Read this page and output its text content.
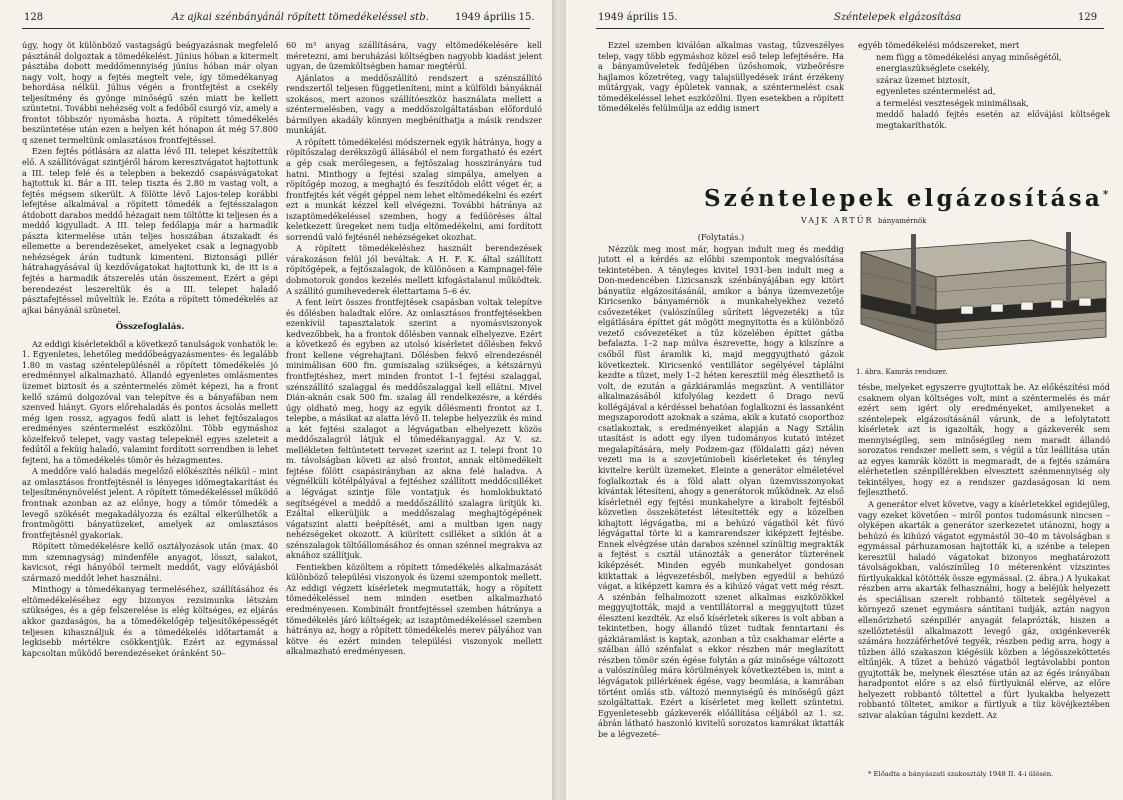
128	Az ajkai szénbányánál röpített tömedékeléssel stb.	1949 április 15.

úgy, hogy öt különböző vastagságú beágyazásnak megfelelő pásztánál dolgoztak a tömedékelést. Június hóban a kitermelt pásztába dobott meddőmennyiség június hóban már olyan nagy volt, hogy a fejtés megtelt vele, így tömedékanyag behordása nélkül. Július végén a frontfejtést a csekély teljesítmény és gyönge minőségű szén miatt be kellett szüntetni. További nehézség volt a fedőből csurgó víz, amely a frontot többször nyomásba hozta. A röpített tömedékelés beszüntetése után ezen a helyen két hónapon át még 57.800 q szenet termeltünk omlasztásos frontfejtéssel.

Ezen fejtés pótlására az alatta lévő III. telepet készítettük elő. A szállítóvágat szintjéről három keresztvágatot hajtottunk a III. telep felé és a telepben a bekezdő csapásvágatokat hajtottuk ki. Bár a III. telep tiszta és 2.80 m vastag volt, a fejtés mégsem sikerült. A fölötte lévő Lajos-telep korábbi lefejtése alkalmával a röpített tömedék a fejtésszalagon átdobott darabos meddő hézagait nem töltötte ki teljesen és a meddő kigyulladt. A III. telep fedőlapja már a harmadik pászta kitermelése után teljes hosszában átszakadt és ellemette a berendezéseket, amelyeket csak a legnagyobb nehézségek árán tudtunk kimenteni. Biztonsági pillér hátrahagyásával új kezdővágatokat hajtottunk ki, de itt is a fejtés a harmadik átszerelés után összement. Ezért a gépi berendezést leszereltük és a III. telepet haladó pásztafejtéssel műveltük le. Ezóta a röpített tömedékelés az ajkai bányánál szünetel.

Összefoglalás.

Az eddigi kísérletekből a következő tanulságok vonhatók le: 1. Egyenletes, lehetőleg meddőbeágyazásmentes- és legalább 1.80 m vastag széntelepülésnél a röpített tömedékelés jó eredménnyel alkalmazható. Állandó egyenletes omlásmentes üzemet biztosít és a széntermelés zömét képezi, ha a front kellő számú dolgozóval van telepítve és a bányafában nem szenved hiányt. Gyors előrehaladás és pontos ácsolás mellett még igen rossz, agyagos fedű alatt is lehet fejtőszalagos eredményes széntermelést eszközölni. Több egymáshoz közelfekvő telepet, vagy vastag telepeknél egyes szeleteit a fedűtől a feküig haladó, valamint fordított sorrendben is lehet fejteni, ha a tömedékelés tömör és hézagmentes.

A meddőre való haladás megelőző előkészítés nélkül – mint az omlasztásos frontfejtésnél is lényeges időmegtakarítást és teljesítménynövelést jelent. A röpített tömedékeléssel működő frontnak azonban az az előnye, hogy a tömör tömedék a levegő szökését megakadályozza és ezáltal elkerülhetők a frontmögötti bányatüzeket, amelyek az omlasztásos frontfejtésnél gyakoriak.

Röpített tömedékelésre kellő osztályozások után (max. 40 mm szemnagyság) mindenféle anyagot, lösszt, salakot, kavicsot, régi hányóból termelt meddőt, vagy elővájásból származó meddőt lehet használni.

Minthogy a tömedékanyag termeléséhez, szállításához és eltömedékeléséhez egy bizonyos rezsimunka létszám szükséges, és a gép felszerelése is elég költséges, ez eljárás akkor gazdaságos, ha a tömedékelőgép teljesítőképességét teljesen kihasználjuk és a tömedékelés időtartamát a legkisebb mértékre csökkentjük. Ezért az egymással kapcsoltan működő berendezéseket óránként 50–

60 m³ anyag szállítására, vagy eltömedékelésére kell méretezni, ami beruházási költségben nagyobb kiadást jelent ugyan, de üzemköltségben hamar megtérül.

Ajánlatos a meddőszállító rendszert a szénszállító rendszertől teljesen függetleníteni, mint a külföldi bányáknál szokásos, mert azonos szállítóeszköz használata mellett a széntermelésben, vagy a meddőszolgáltatásban előforduló bármilyen akadály könnyen megbéníthatja a másik rendszer munkáját.

A röpített tömedékelési módszernek egyik hátránya, hogy a röpítőszalag derékszögű állásából el nem forgatható és ezért a gép csak merőlegesen, a fejtőszalag hosszirányára tud hatni. Minthogy a fejtési szalag simpálya, amelyen a röpítőgép mozog, a meghajtó és feszítődob előtt véget ér, a frontfejtés két végét géppel nem lehet eltömedékelni és ezért ezt a munkát kézzel kell elvégezni. További hátránya az iszaptömedékeléssel szemben, hogy a fedűöréses által keletkezett üregeket nem tudja eltömedékelni, ami fordított sorrendű való fejtésnél nehézségeket okozhat.

A röpített tömedékeléshez használt berendezések várakozáson felül jól beváltak. A H. F. K. által szállított röpítőgépek, a fejtőszalagok, de különösen a Kampnagel-féle dobmotorok gondos kezelés mellett kifogástalanul működtek. A szállító gumihevederek élettartama 5–6 év.

A fent leírt összes frontfejtések csapásban voltak telepítve és dőlésben haladtak előre. Az omlasztásos frontfejtésekben ezenkívül tapasztalatok szerint a nyomásviszonyok kedvezőbbek, ha a frontok dőlésben vannak elhelyezve. Ezért a következő és egyben az utolsó kísérletet dőlésben fekvő front kellene végrehajtani. Dőlésben fekvő elrendezésnél minimálisan 600 fm. gumiszalag szükséges, a kétszárnyú frontfejtéshez, mert minden frontot 1–1 fejtési szalaggal, szénszállító szalaggal és meddőszalaggal kell ellátni. Mivel Dián-aknán csak 500 fm. szalag áll rendelkezésre, a kérdés úgy oldható meg, hogy az egyik dőlésmenti frontot az I. telepbe, a másikat az alatta lévő II. telepbe helyezzük és mind a két fejtési szalagot a légvágatban elhelyezett közös meddőszalagról látjuk el tömedékanyaggal. Az V. sz. mellékleten feltüntetett tervezet szerint az I. telepi front 10 m. távolságban követi az alsó frontot, annak eltömedékelt fejtése fölött csapásirányban az akna felé haladva. A végnélküli kötélpályával a fejtéshez szállított meddőcsilléket a légvágat szintje föle vontatjuk és homlokbuktató segítségével a meddő a meddőszállító szalagra ürítjük ki. Ezáltal elkerüljük a meddőszalag meghajtógépének vágatszint alatti beépítését, ami a multban igen nagy nehézségeket okozott. A kiürített csilléket a siklón át a szénszalagok töltőállomásához és onnan szénnel megrakva az aknához szállítjuk.

Fentiekben közöltem a röpített tömedékelés alkalmazását különböző települési viszonyok és üzemi szempontok mellett. Az eddigi végzett kísérletek megmutatták, hogy a röpített tömedékeléssel nem minden esetben alkalmazható eredményesen. Kombinált frontfejtéssel szemben hátránya a tömedékelés járó költségek; az iszaptömedékeléssel szemben hátránya az, hogy a röpített tömedékelés merev pályához van kötve és ezért minden települési viszonyok mellett alkalmazható eredményesen.

1949 április 15.	Széntelepek elgázosítása	129

Ezzel szemben kiválóan alkalmas vastag, tűzveszélyes telep, vagy több egymáshoz közel eső telep lefejtésére. Ha a bányaműveletek fedűjében üzőshomok, vizbeörésre hajlamos kőzetréteg, vagy talajsüllyedések iránt érzékeny műtárgyak, vagy épületek vannak, a széntermelést csak tömedékeléssel lehet eszközölni. Ilyen esetekben a röpített tömedékelés felülmúlja az eddig ismert

egyéb tömedékelési módszereket, mert

nem függ a tömedékelési anyag minőségétől,

energiaszükséglete csekély,

száraz üzemet biztosít,

egyenletes széntermelést ad,

a termelési veszteségek minimálisak,

meddő haladó fejtés esetén az elővájási költségek megtakaríthatók.

Széntelepek elgázosítása*
VAJK ARTÚR bányamérnök

(Folytatás.)

Nézzük meg most már, hogyan indult meg és meddig jutott el a kérdés az előbbi szempontok megvalósítása tekintetében. A tényleges kivitel 1931-ben indult meg a Don-medencében Lizicsanszk szénbányájában egy kitört bányatüz elgázosításánál, amikor a bánya üzemvezetője Kiricsenko bányamérnök a munkahelyekhez vezető csővezetéket (valószínűleg sűrített légvezeték) a tűz elgátlására építtet gát mögött megnyitotta és a különböző vezető csővezetéket a tűz közelében építtet gátba befalazta. 1–2 nap múlva észrevette, hogy a kilszínre a csőből füst áramlik ki, majd meggyujtható gázok következtek. Kiricsenkó ventillátor segélyével táplálni kezdte a tüzet, mely 1–2 héten keresztül még éleszthető is volt, de ezután a gázkiáramlás megszünt. A ventillátor alkalmazásából kifolyólag kezdett ő Drago nevű kollégájával a kérdéssel behatóan foglalkozni és lassanként megszaporodott azoknak a száma, akik a kutató csoporthoz csatlakoztak, s eredményeiket alapján a Nagy Sztálin utasítást is adott egy ilyen tudományos kutató intézet megalapítására, mely Podzem-gaz (földalatti gáz) néven vezeti ma is a szovjetúniobeli kísérleteket és tényleg kivitelre került üzemeket. Eleinte a generátor elméletével foglalkoztak és a föld alatt olyan üzemvisszonyokat kívántak létesíteni, ahogy a generátorok működnek. Az első kísérletnél egy fejtési munkahelyre a kirabolt fejtésből közvetlen összekötetést létesítették egy a közelben kihajtott légvágatba, mi a behúzó vágatból két fúvó légvágattal törte ki a kamrarendszer kiképzett fejtésbe. Ennek elvégzése után darabos szénnel színültig megrakták a fejtést s csztál utánozták a generátor tüzterének kiképzését. Minden egyéb munkahelyet gondosan kiiktattak a légvezetésből, melyben egyedül a behúzó vágat, a kiképzett kamra és a kihúzó vágat vett még részt. A szénbán felhalmozott szenet alkalmas eszközökkel meggyujtották, majd a ventillátorral a meggyujtott tüzet éleszteni kezdték. Az első kísérletek sikeres is volt abban a tekintetben, hogy állandó tüzet tudtak fenntartani és gázkiáramlást is kaptak, azonban a tűz csakhamar elérte a szálban álló szénfalat s ekkor részben már meglazított részben tömör szén égése folytán a gáz minősége változott a valószínűleg mára körülmények következtében is, mint a légvágatok pillérkének égése, vagy beomlása, a kamrában történt omlás stb. változó mennyiségű és minőségű gázt szolgáltattak. Ezért a kísérletet meg kellett szüntetni. Egyenletesebb gázkeverék előállítása céljából az 1. sz. ábrán látható haszonló kivitelű sorozatos kamrákat iktatták be a légvezeté-

1. ábra. Kamrás rendszer.

tésbe, melyeket egyszerre gyujtottak be. Az előkészítési mód csaknem olyan költséges volt, mint a széntermelés és már ezért sem igért oly eredményeket, amilyeneket a széntelepek elgázosításánál várunk, de a lefolytatott kísérletek azt is igazolták, hogy a gázkeverék sem mennyiségileg, sem minőségileg nem maradt állandó sorozatos rendszer mellett sem, s végül a tűz leállításа után az egyes kamrák között is megmaradt, de a fejtés számára elérhetetlen szénpillérekben elvesztett szénmennyiség oly tekintélyes, hogy ez a rendszer gazdaságosan ki nem fejleszthető.

A generátor elvet követve, vagy a kísérletekkel egidejűleg, vagy ezeket követően – miről pontos tudomásunk nincsen – olyképen akarták a generátor szerkezetet utánozni, hogy a behúzó és kihúzó vágatot egymástól 30–40 m távolságban s egymással párhuzamosan hajtották ki, a szénbe a telepen keresztül haladó vágatokat bizonyos meghatározott távolságokban, valószínűleg 10 méterenként vízszintes fúrtlyukakkal kötötték össze egymással. (2. ábra.) A lyukakat részben arra akarták felhasználni, hogy a beléjük helyezett és speciálisan szerelt robbantó töltetek segélyével a környező szenet egymásra sántítani tudják, aztán nagyon ellenőrizhető szénpillér anyagát felaprózták, hiszen a szellőztetésül alkalmazott levegő gáz, oxigénkeverék számára hozzáférhetővé tegyék, részben pedig arra, hogy a tűzben álló szakaszon kiégésük közben a légösszeköttetés eltűnjék. A tűzet a behúzó vágatból legtávolabbi ponton gyujtották be, melynek élesztése után az az égés irányában haradpontot előre s az első fúrtlyuknál elérve, az előre helyezett robbantó töltettel a fúrt lyukakba helyezett robbantó töltetet, amikor a fúrtlyuk a tüz kövéjkeztében szivar alakúan tágulni kezdett. Az

* Előadta a bányászati szakosztály 1948 II. 4-i ülésén.
